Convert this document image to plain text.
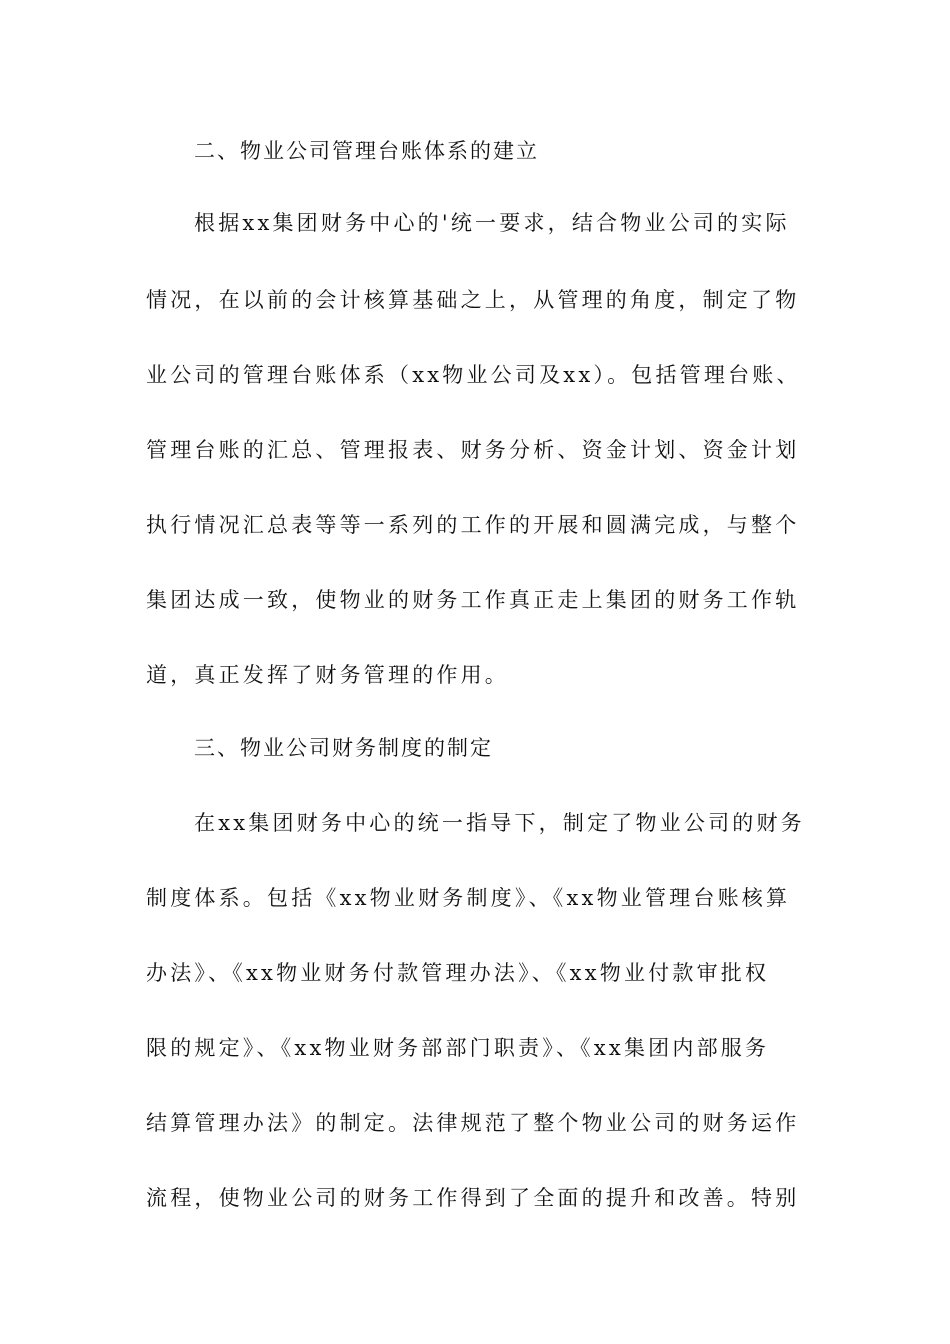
二、物业公司管理台账体系的建立
根据xx集团财务中心的'统一要求，结合物业公司的实际
情况，在以前的会计核算基础之上，从管理的角度，制定了物
业公司的管理台账体系（xx物业公司及xx）。包括管理台账、
管理台账的汇总、管理报表、财务分析、资金计划、资金计划
执行情况汇总表等等一系列的工作的开展和圆满完成，与整个
集团达成一致，使物业的财务工作真正走上集团的财务工作轨
道，真正发挥了财务管理的作用。
三、物业公司财务制度的制定
在xx集团财务中心的统一指导下，制定了物业公司的财务
制度体系。包括《xx物业财务制度》、《xx物业管理台账核算
办法》、《xx物业财务付款管理办法》、《xx物业付款审批权
限的规定》、《xx物业财务部部门职责》、《xx集团内部服务
结算管理办法》的制定。法律规范了整个物业公司的财务运作
流程，使物业公司的财务工作得到了全面的提升和改善。特别
